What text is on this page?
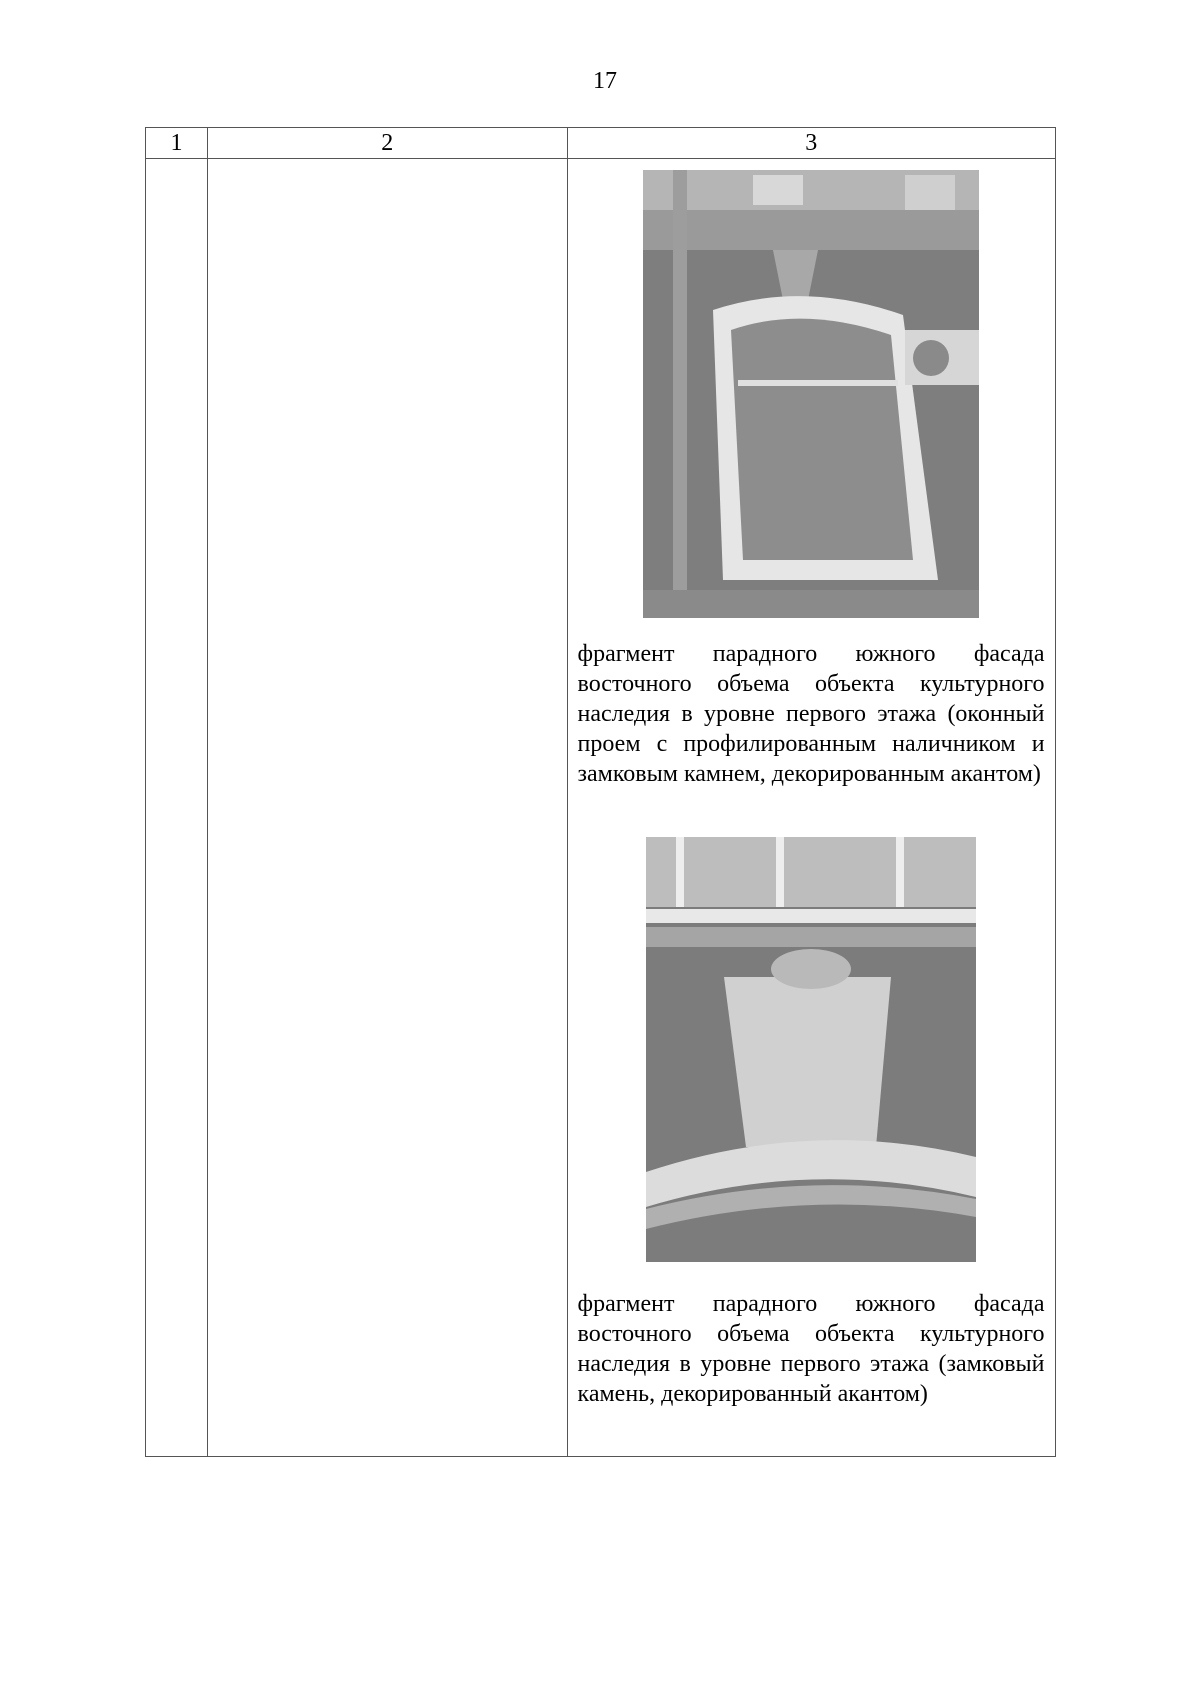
17
1	2	3

		фрагмент парадного южного фасада восточного объема объекта культурного наследия в уровне первого этажа (оконный проем с профилированным наличником и замковым камнем, декорированным акантом)
фрагмент парадного южного фасада восточного объема объекта культурного наследия в уровне первого этажа (замковый камень, декорированный акантом)
